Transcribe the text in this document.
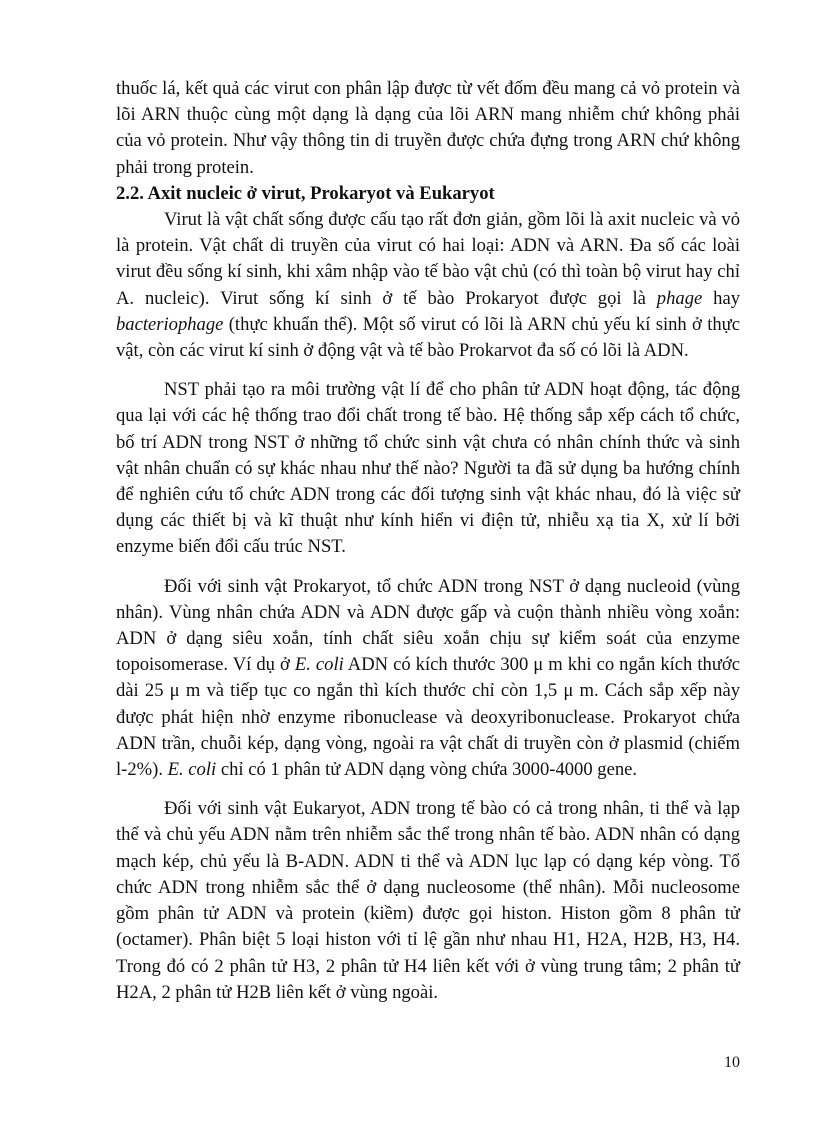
thuốc lá, kết quả các virut con phân lập được từ vết đốm đều mang cả vỏ protein và lõi ARN thuộc cùng một dạng là dạng của lõi ARN mang nhiễm chứ không phải của vỏ protein. Như vậy thông tin di truyền được chứa đựng trong ARN chứ không phải trong protein.

2.2. Axit nucleic ở virut, Prokaryot và Eukaryot

Virut là vật chất sống được cấu tạo rất đơn giản, gồm lõi là axit nucleic và vỏ là protein. Vật chất di truyền của virut có hai loại: ADN và ARN. Đa số các loài virut đều sống kí sinh, khi xâm nhập vào tế bào vật chủ (có thì toàn bộ virut hay chỉ A. nucleic). Virut sống kí sinh ở tế bào Prokaryot được gọi là phage hay bacteriophage (thực khuẩn thể). Một số virut có lõi là ARN chủ yếu kí sinh ở thực vật, còn các virut kí sinh ở động vật và tế bào Prokarvot đa số có lõi là ADN.

NST phải tạo ra môi trường vật lí để cho phân tử ADN hoạt động, tác động qua lại với các hệ thống trao đổi chất trong tế bào. Hệ thống sắp xếp cách tổ chức, bố trí ADN trong NST ở những tổ chức sinh vật chưa có nhân chính thức và sinh vật nhân chuẩn có sự khác nhau như thế nào? Người ta đã sử dụng ba hướng chính để nghiên cứu tổ chức ADN trong các đối tượng sinh vật khác nhau, đó là việc sử dụng các thiết bị và kĩ thuật như kính hiển vi điện tử, nhiễu xạ tia X, xử lí bởi enzyme biến đổi cấu trúc NST.

Đối với sinh vật Prokaryot, tổ chức ADN trong NST ở dạng nucleoid (vùng nhân). Vùng nhân chứa ADN và ADN được gấp và cuộn thành nhiều vòng xoắn: ADN ở dạng siêu xoắn, tính chất siêu xoắn chịu sự kiểm soát của enzyme topoisomerase. Ví dụ ở E. coli ADN có kích thước 300 μ m khi co ngắn kích thước dài 25 μ m và tiếp tục co ngắn thì kích thước chỉ còn 1,5 μ m. Cách sắp xếp này được phát hiện nhờ enzyme ribonuclease và deoxyribonuclease. Prokaryot chứa ADN trần, chuỗi kép, dạng vòng, ngoài ra vật chất di truyền còn ở plasmid (chiếm l-2%). E. coli chỉ có 1 phân tử ADN dạng vòng chứa 3000-4000 gene.

Đối với sinh vật Eukaryot, ADN trong tế bào có cả trong nhân, ti thể và lạp thể và chủ yếu ADN nằm trên nhiễm sắc thể trong nhân tế bào. ADN nhân có dạng mạch kép, chủ yếu là B-ADN. ADN ti thể và ADN lục lạp có dạng kép vòng. Tổ chức ADN trong nhiễm sắc thể ở dạng nucleosome (thể nhân). Mỗi nucleosome gồm phân tử ADN và protein (kiềm) được gọi histon. Histon gồm 8 phân tử (octamer). Phân biệt 5 loại histon với tỉ lệ gần như nhau H1, H2A, H2B, H3, H4. Trong đó có 2 phân tử H3, 2 phân tử H4 liên kết với ở vùng trung tâm; 2 phân tử H2A, 2 phân tử H2B liên kết ở vùng ngoài.

10
